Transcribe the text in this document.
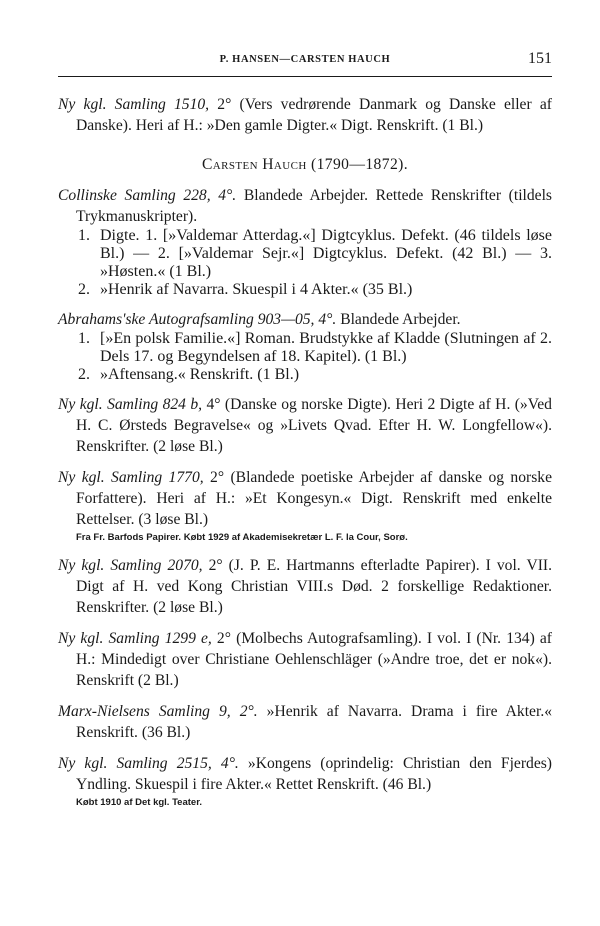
P. HANSEN—CARSTEN HAUCH	151

Ny kgl. Samling 1510, 2° (Vers vedrørende Danmark og Danske eller af Danske). Heri af H.: »Den gamle Digter.« Digt. Renskrift. (1 Bl.)

Carsten Hauch (1790—1872).

Collinske Samling 228, 4°. Blandede Arbejder. Rettede Renskrifter (tildels Trykmanuskripter).

1. Digte. 1. [»Valdemar Atterdag.«] Digtcyklus. Defekt. (46 tildels løse Bl.) — 2. [»Valdemar Sejr.«] Digtcyklus. Defekt. (42 Bl.) — 3. »Høsten.« (1 Bl.)

2. »Henrik af Navarra. Skuespil i 4 Akter.« (35 Bl.)

Abrahams'ske Autografsamling 903—05, 4°. Blandede Arbejder.

1. [»En polsk Familie.«] Roman. Brudstykke af Kladde (Slutningen af 2. Dels 17. og Begyndelsen af 18. Kapitel). (1 Bl.)

2. »Aftensang.« Renskrift. (1 Bl.)

Ny kgl. Samling 824 b, 4° (Danske og norske Digte). Heri 2 Digte af H. (»Ved H. C. Ørsteds Begravelse« og »Livets Qvad. Efter H. W. Longfellow«). Renskrifter. (2 løse Bl.)

Ny kgl. Samling 1770, 2° (Blandede poetiske Arbejder af danske og norske Forfattere). Heri af H.: »Et Kongesyn.« Digt. Renskrift med enkelte Rettelser. (3 løse Bl.)
Fra Fr. Barfods Papirer. Købt 1929 af Akademisekretær L. F. la Cour, Sorø.

Ny kgl. Samling 2070, 2° (J. P. E. Hartmanns efterladte Papirer). I vol. VII. Digt af H. ved Kong Christian VIII.s Død. 2 forskellige Redaktioner. Renskrifter. (2 løse Bl.)

Ny kgl. Samling 1299 e, 2° (Molbechs Autografsamling). I vol. I (Nr. 134) af H.: Mindedigt over Christiane Oehlenschläger (»Andre troe, det er nok«). Renskrift (2 Bl.)

Marx-Nielsens Samling 9, 2°. »Henrik af Navarra. Drama i fire Akter.« Renskrift. (36 Bl.)

Ny kgl. Samling 2515, 4°. »Kongens (oprindelig: Christian den Fjerdes) Yndling. Skuespil i fire Akter.« Rettet Renskrift. (46 Bl.)
Købt 1910 af Det kgl. Teater.
